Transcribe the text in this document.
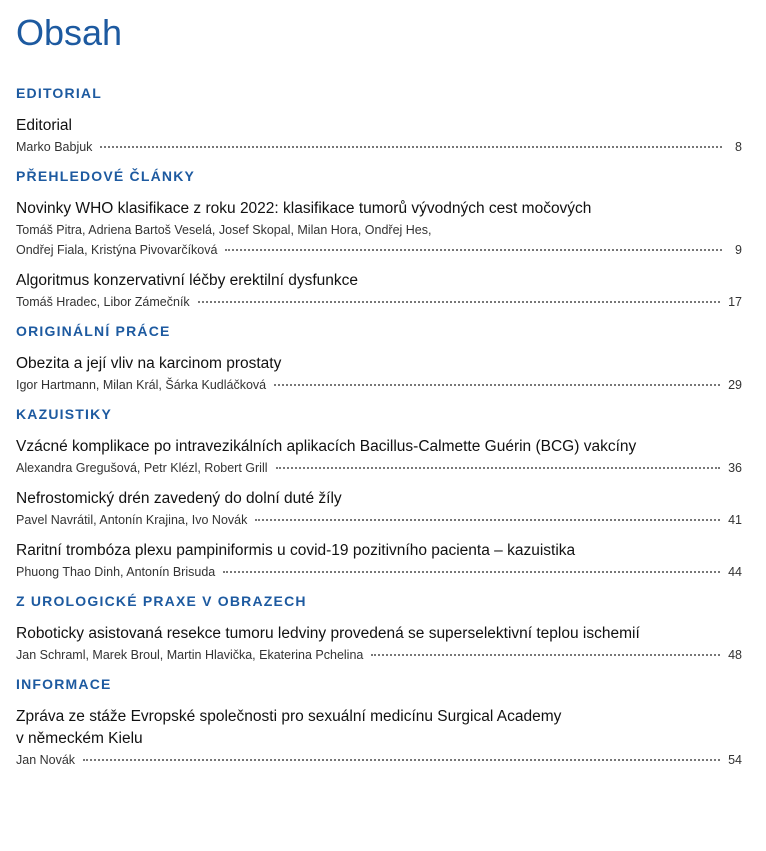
Obsah
EDITORIAL
Editorial
Marko Babjuk	8
PŘEHLEDOVÉ ČLÁNKY
Novinky WHO klasifikace z roku 2022: klasifikace tumorů vývodných cest močových
Tomáš Pitra, Adriena Bartoš Veselá, Josef Skopal, Milan Hora, Ondřej Hes,
Ondřej Fiala, Kristýna Pivovarčíková	9
Algoritmus konzervativní léčby erektilní dysfunkce
Tomáš Hradec, Libor Zámečník	17
ORIGINÁLNÍ PRÁCE
Obezita a její vliv na karcinom prostaty
Igor Hartmann, Milan Král, Šárka Kudláčková	29
KAZUISTIKY
Vzácné komplikace po intravezikálních aplikacích Bacillus-Calmette Guérin (BCG) vakcíny
Alexandra Gregušová, Petr Klézl, Robert Grill	36
Nefrostomický drén zavedený do dolní duté žíly
Pavel Navrátil, Antonín Krajina, Ivo Novák	41
Raritní trombóza plexu pampiniformis u covid-19 pozitivního pacienta – kazuistika
Phuong Thao Dinh, Antonín Brisuda	44
Z UROLOGICKÉ PRAXE V OBRAZECH
Roboticky asistovaná resekce tumoru ledviny provedená se superselektivní teplou ischemií
Jan Schraml, Marek Broul, Martin Hlavička, Ekaterina Pchelina	48
INFORMACE
Zpráva ze stáže Evropské společnosti pro sexuální medicínu Surgical Academy
v německém Kielu
Jan Novák	54
